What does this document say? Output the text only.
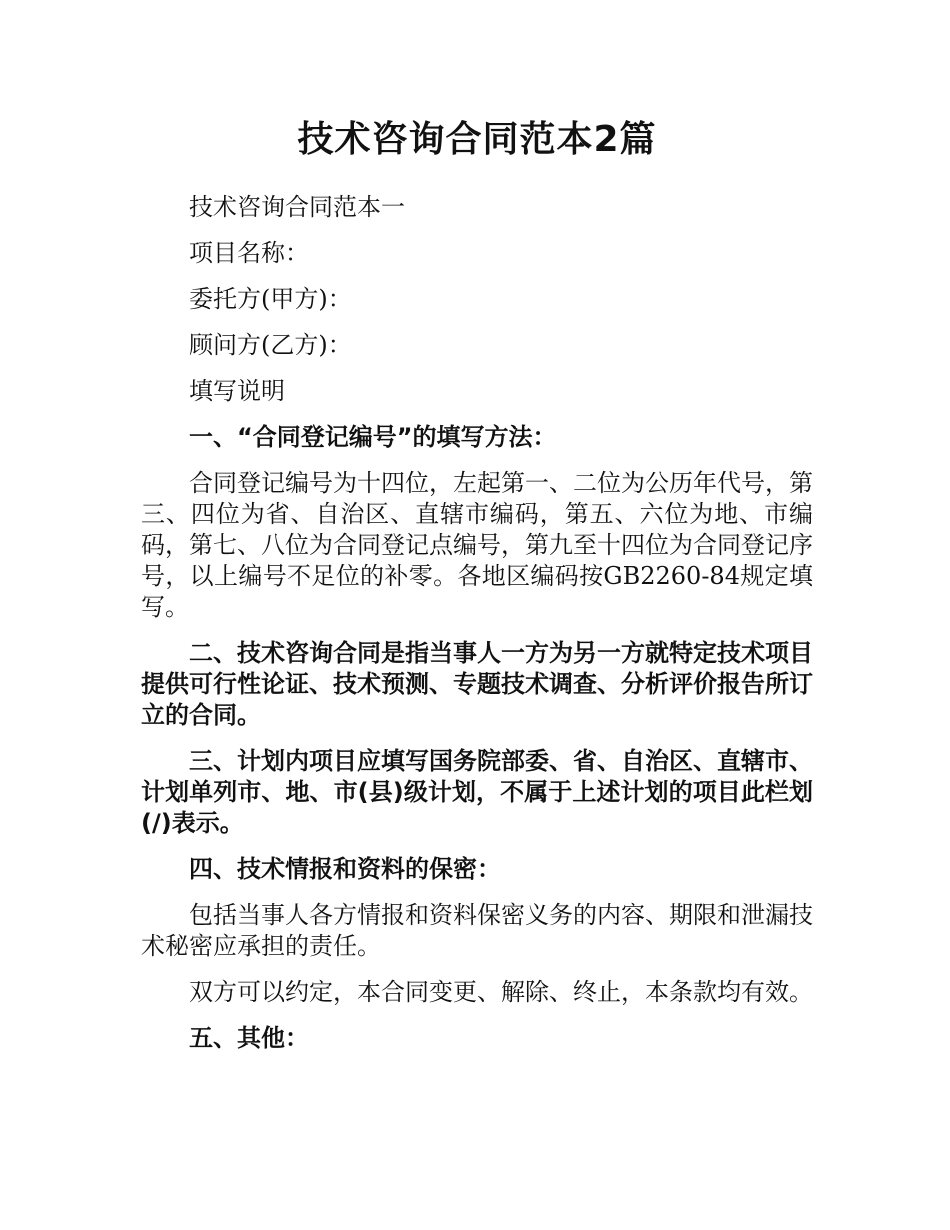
技术咨询合同范本2篇
技术咨询合同范本一
项目名称：
委托方(甲方)：
顾问方(乙方)：
填写说明
一、“合同登记编号”的填写方法：
合同登记编号为十四位，左起第一、二位为公历年代号，第三、四位为省、自治区、直辖市编码，第五、六位为地、市编码，第七、八位为合同登记点编号，第九至十四位为合同登记序号，以上编号不足位的补零。各地区编码按GB2260-84规定填写。
二、技术咨询合同是指当事人一方为另一方就特定技术项目提供可行性论证、技术预测、专题技术调查、分析评价报告所订立的合同。
三、计划内项目应填写国务院部委、省、自治区、直辖市、计划单列市、地、市(县)级计划，不属于上述计划的项目此栏划(/)表示。
四、技术情报和资料的保密：
包括当事人各方情报和资料保密义务的内容、期限和泄漏技术秘密应承担的责任。
双方可以约定，本合同变更、解除、终止，本条款均有效。
五、其他：
